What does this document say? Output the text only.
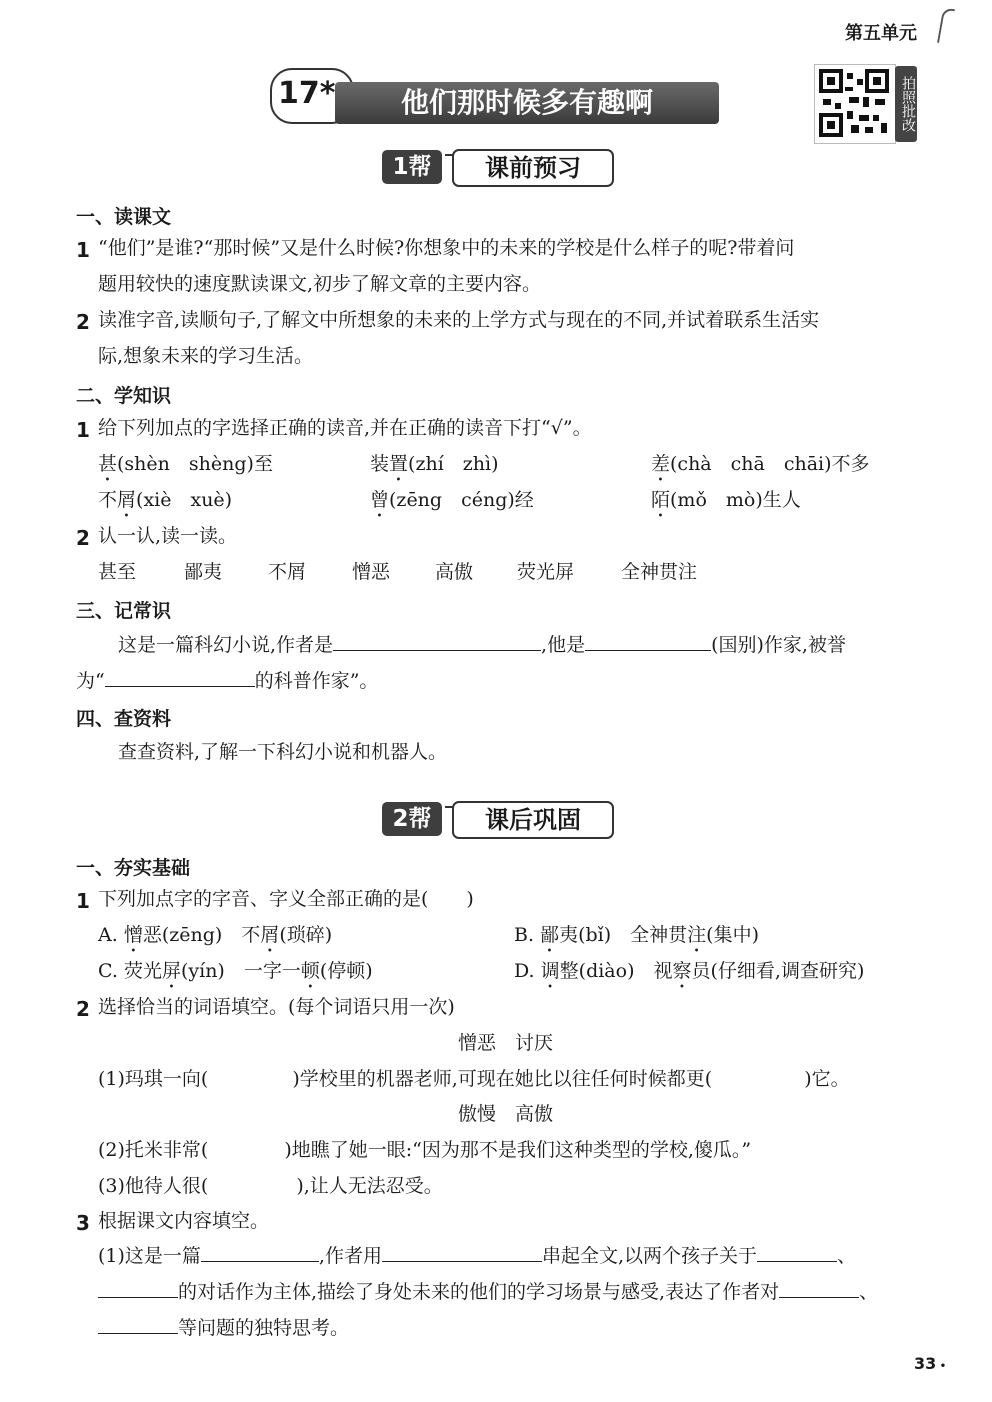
第五单元
17*	他们那时候多有趣啊	拍照批改
1帮	课前预习
一、读课文
1 “他们”是谁?“那时候”又是什么时候?你想象中的未来的学校是什么样子的呢?带着问
题用较快的速度默读课文,初步了解文章的主要内容。
2 读准字音,读顺句子,了解文中所想象的未来的上学方式与现在的不同,并试着联系生活实
际,想象未来的学习生活。
二、学知识
1 给下列加点的字选择正确的读音,并在正确的读音下打“√”。
甚(shèn　shèng)至	装置(zhí　zhì)	差(chà　chā　chāi)不多
不屑(xiè　xuè)	曾(zēng　céng)经	陌(mǒ　mò)生人
2 认一认,读一读。
甚至	鄙夷 不屑 憎恶 高傲 荧光屏 全神贯注
三、记常识
这是一篇科幻小说,作者是	,他是	(国别)作家,被誉
为“	的科普作家”。
四、查资料
查查资料,了解一下科幻小说和机器人。
2帮	课后巩固
一、夯实基础
1 下列加点字的字音、字义全部正确的是(　　)
A. 憎恶(zēng)　不屑(琐碎)	B. 鄙夷(bǐ)　全神贯注(集中)
C. 荧光屏(yín)　一字一顿(停顿)	D. 调整(diào)　视察员(仔细看,调查研究)
2 选择恰当的词语填空。(每个词语只用一次)
憎恶　讨厌
(1)玛琪一向(	)学校里的机器老师,可现在她比以往任何时候都更(	)它。
傲慢　高傲
(2)托米非常(	)地瞧了她一眼:“因为那不是我们这种类型的学校,傻瓜。”
(3)他待人很(	),让人无法忍受。
3 根据课文内容填空。
(1)这是一篇	,作者用	串起全文,以两个孩子关于	、
的对话作为主体,描绘了身处未来的他们的学习场景与感受,表达了作者对	、
等问题的独特思考。
33 •
